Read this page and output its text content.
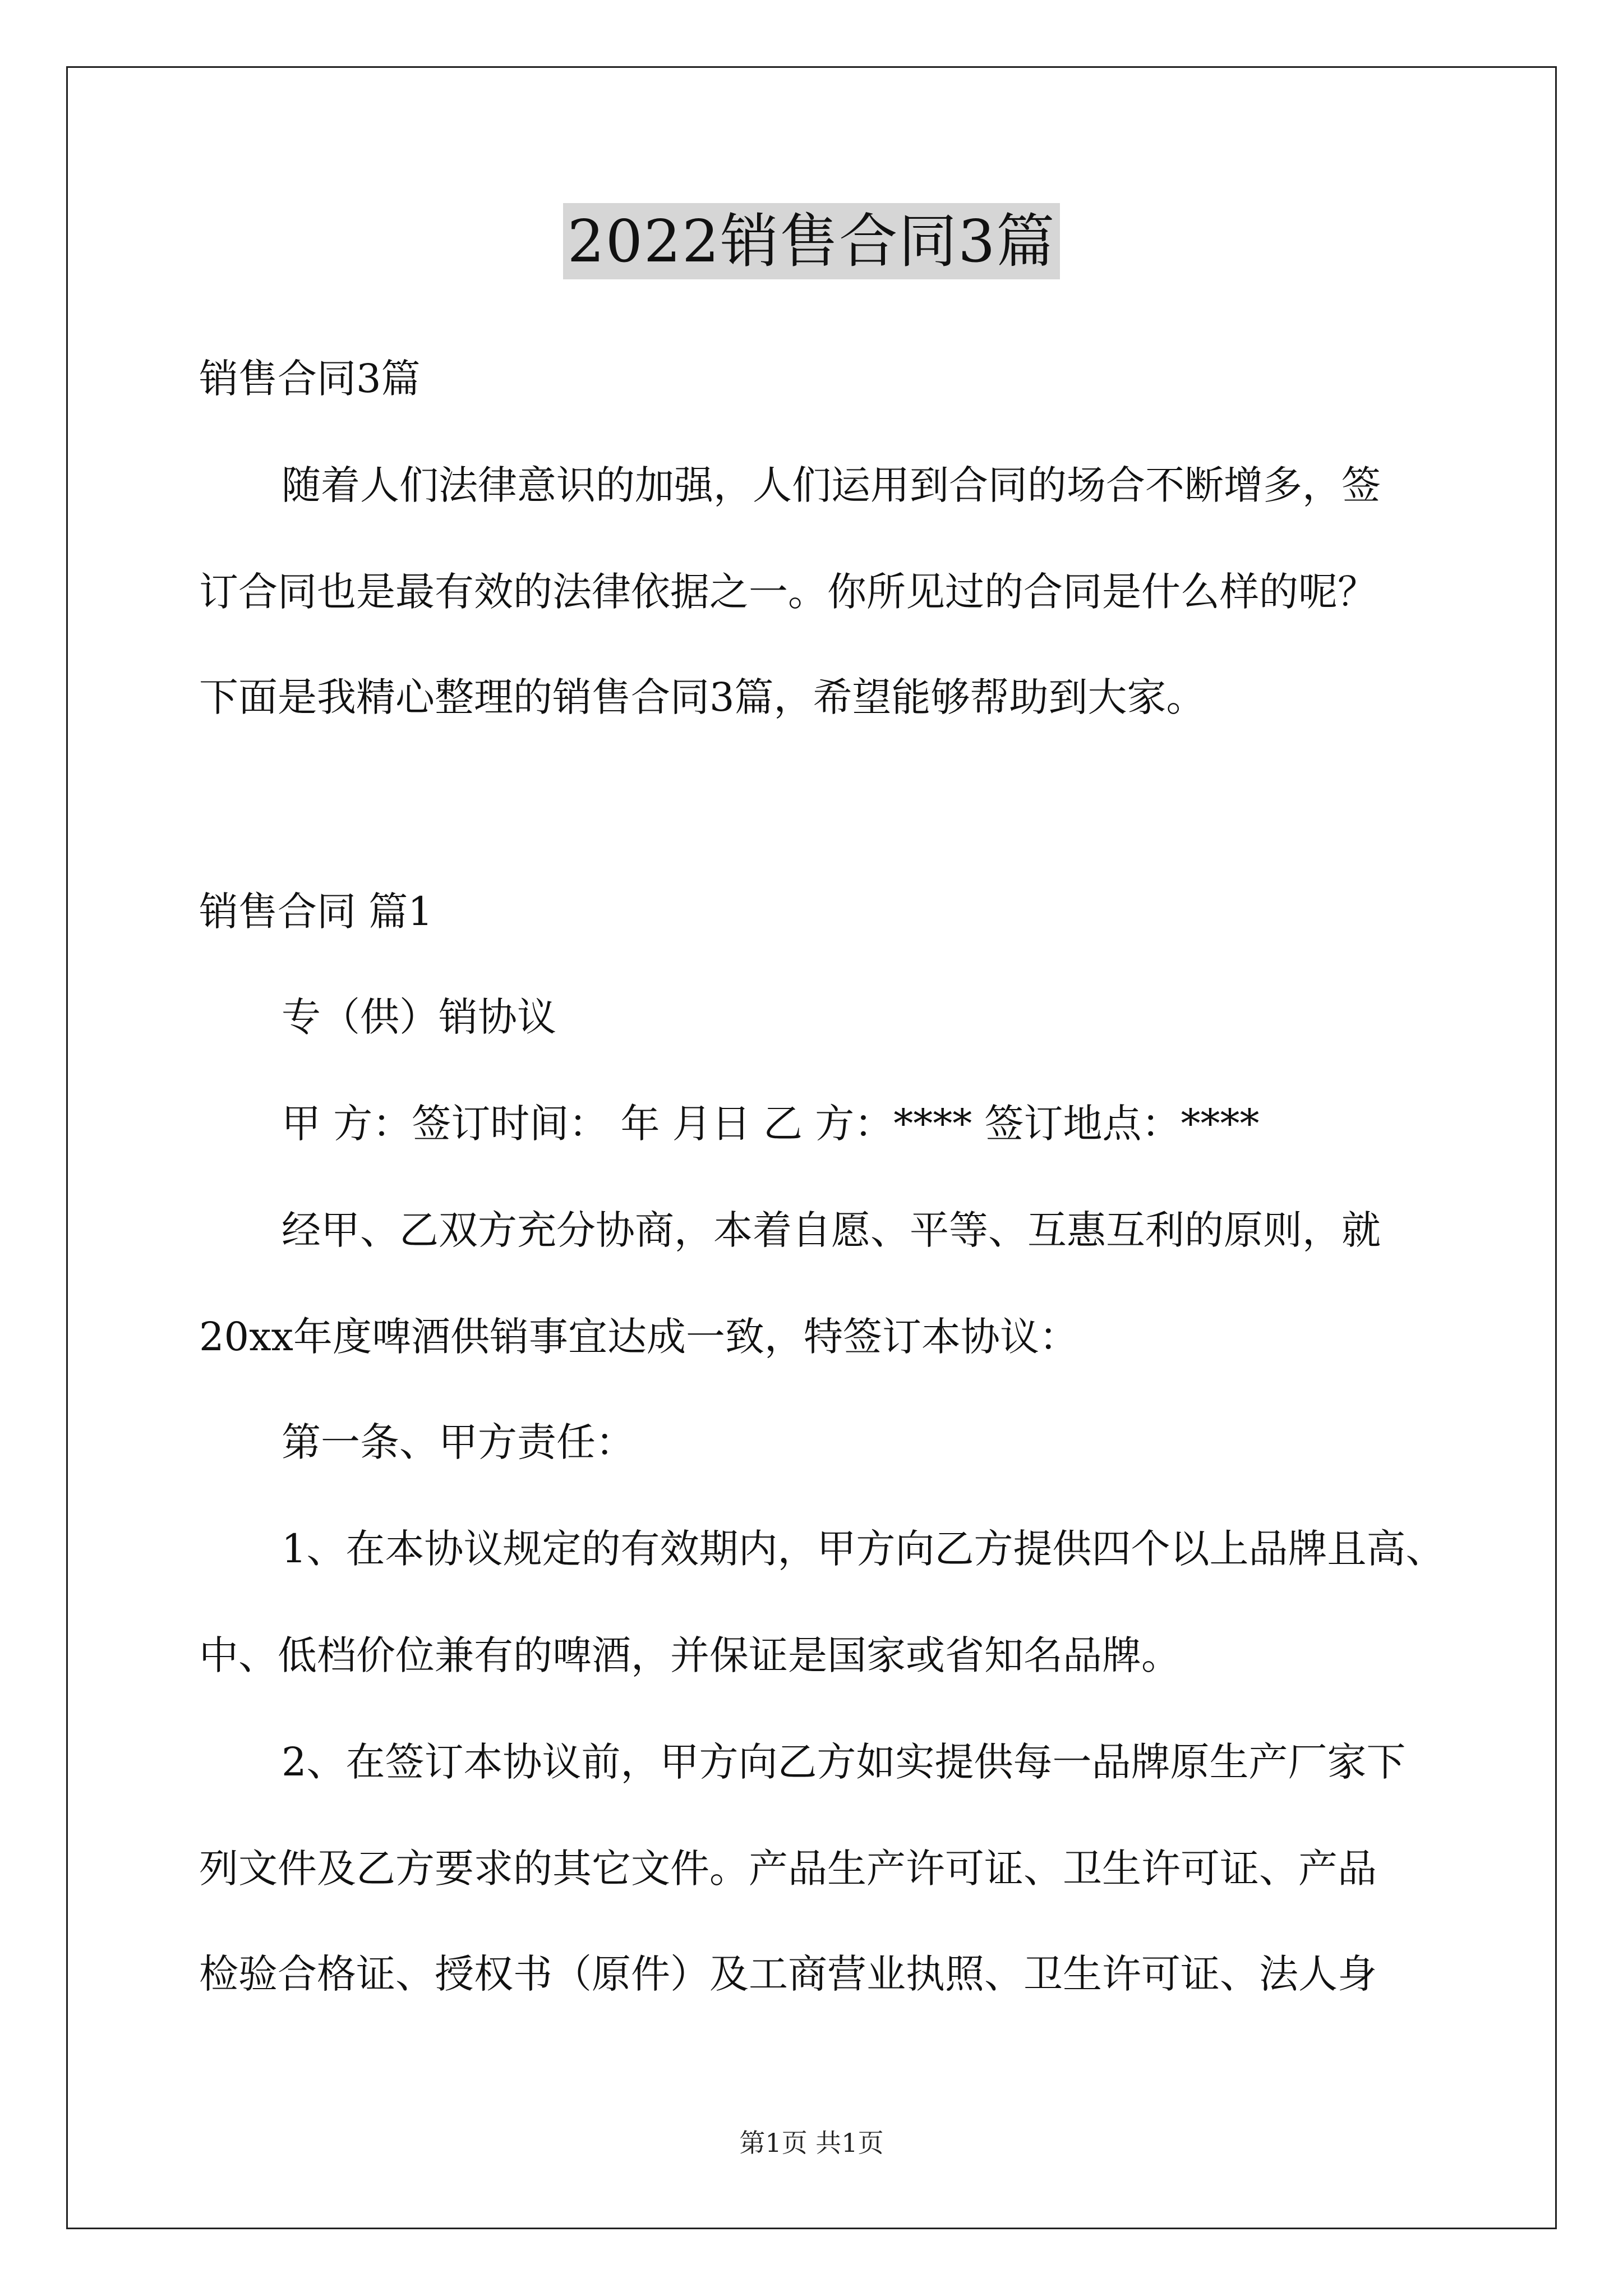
2022销售合同3篇
销售合同3篇
随着人们法律意识的加强，人们运用到合同的场合不断增多，签
订合同也是最有效的法律依据之一。你所见过的合同是什么样的呢？
下面是我精心整理的销售合同3篇，希望能够帮助到大家。
销售合同 篇1
专（供）销协议
甲 方：签订时间： 年 月日 乙 方：**** 签订地点：****
经甲、乙双方充分协商，本着自愿、平等、互惠互利的原则，就
20xx年度啤酒供销事宜达成一致，特签订本协议：
第一条、甲方责任：
1、在本协议规定的有效期内，甲方向乙方提供四个以上品牌且高、
中、低档价位兼有的啤酒，并保证是国家或省知名品牌。
2、在签订本协议前，甲方向乙方如实提供每一品牌原生产厂家下
列文件及乙方要求的其它文件。产品生产许可证、卫生许可证、产品
检验合格证、授权书（原件）及工商营业执照、卫生许可证、法人身
第1页 共1页
